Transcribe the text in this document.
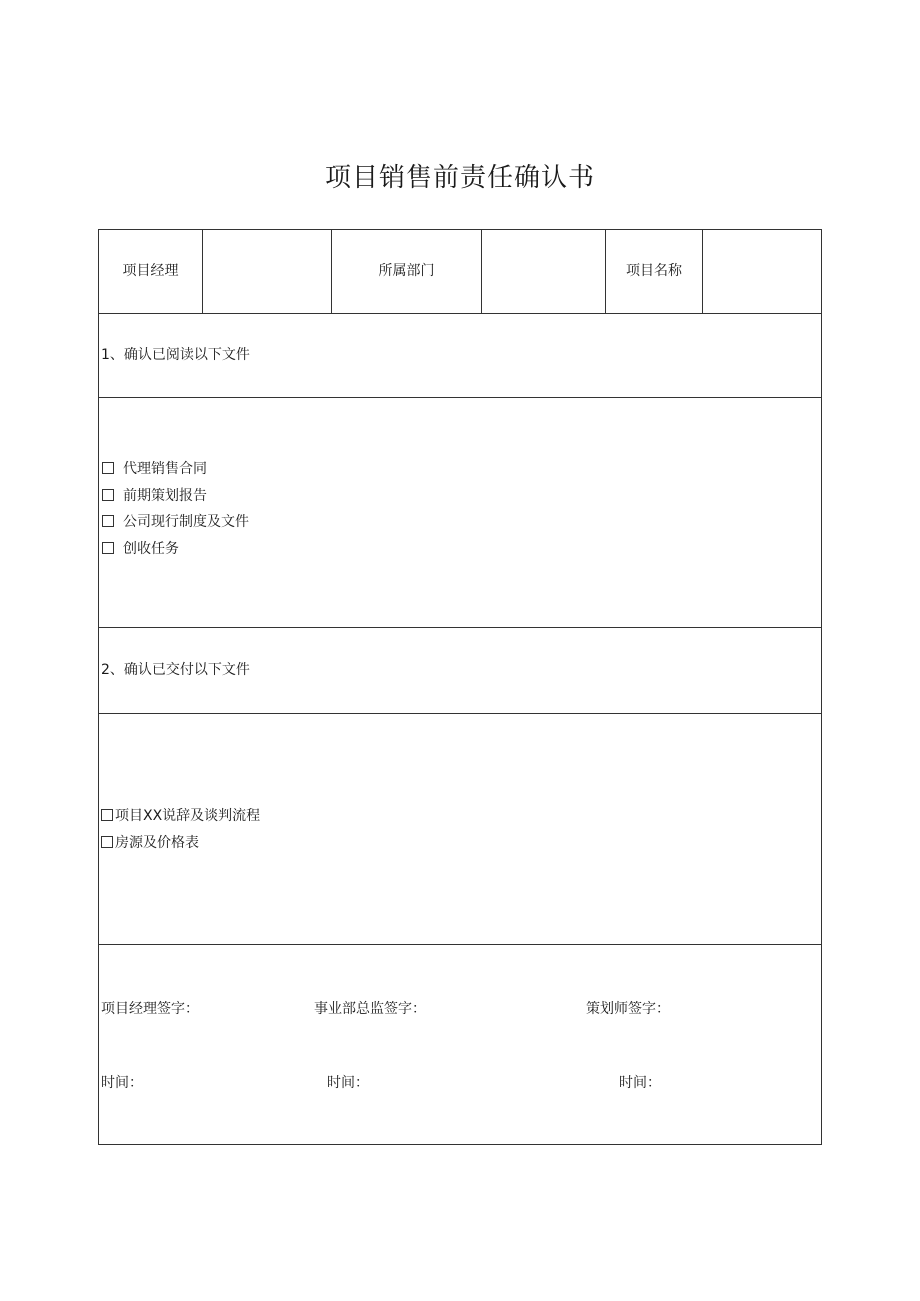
项目销售前责任确认书
项目经理	所属部门	项目名称
1、确认已阅读以下文件
代理销售合同
前期策划报告
公司现行制度及文件
创收任务
2、确认已交付以下文件
项目XX说辞及谈判流程
房源及价格表
项目经理签字：	事业部总监签字：	策划师签字：
时间：	时间：	时间：
